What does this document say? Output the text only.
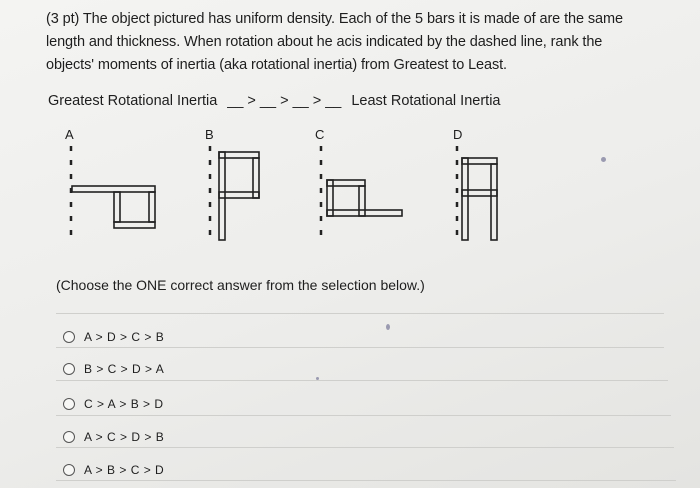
(3 pt) The object pictured has uniform density. Each of the 5 bars it is made of are the same
length and thickness. When rotation about he acis indicated by the dashed line, rank the
objects' moments of inertia (aka rotational inertia) from Greatest to Least.
Greatest Rotational Inertia __ > __ > __ > __ Least Rotational Inertia
A	B	C	D
(Choose the ONE correct answer from the selection below.)
A > D > C > B
B > C > D > A
C > A > B > D
A > C > D > B
A > B > C > D
